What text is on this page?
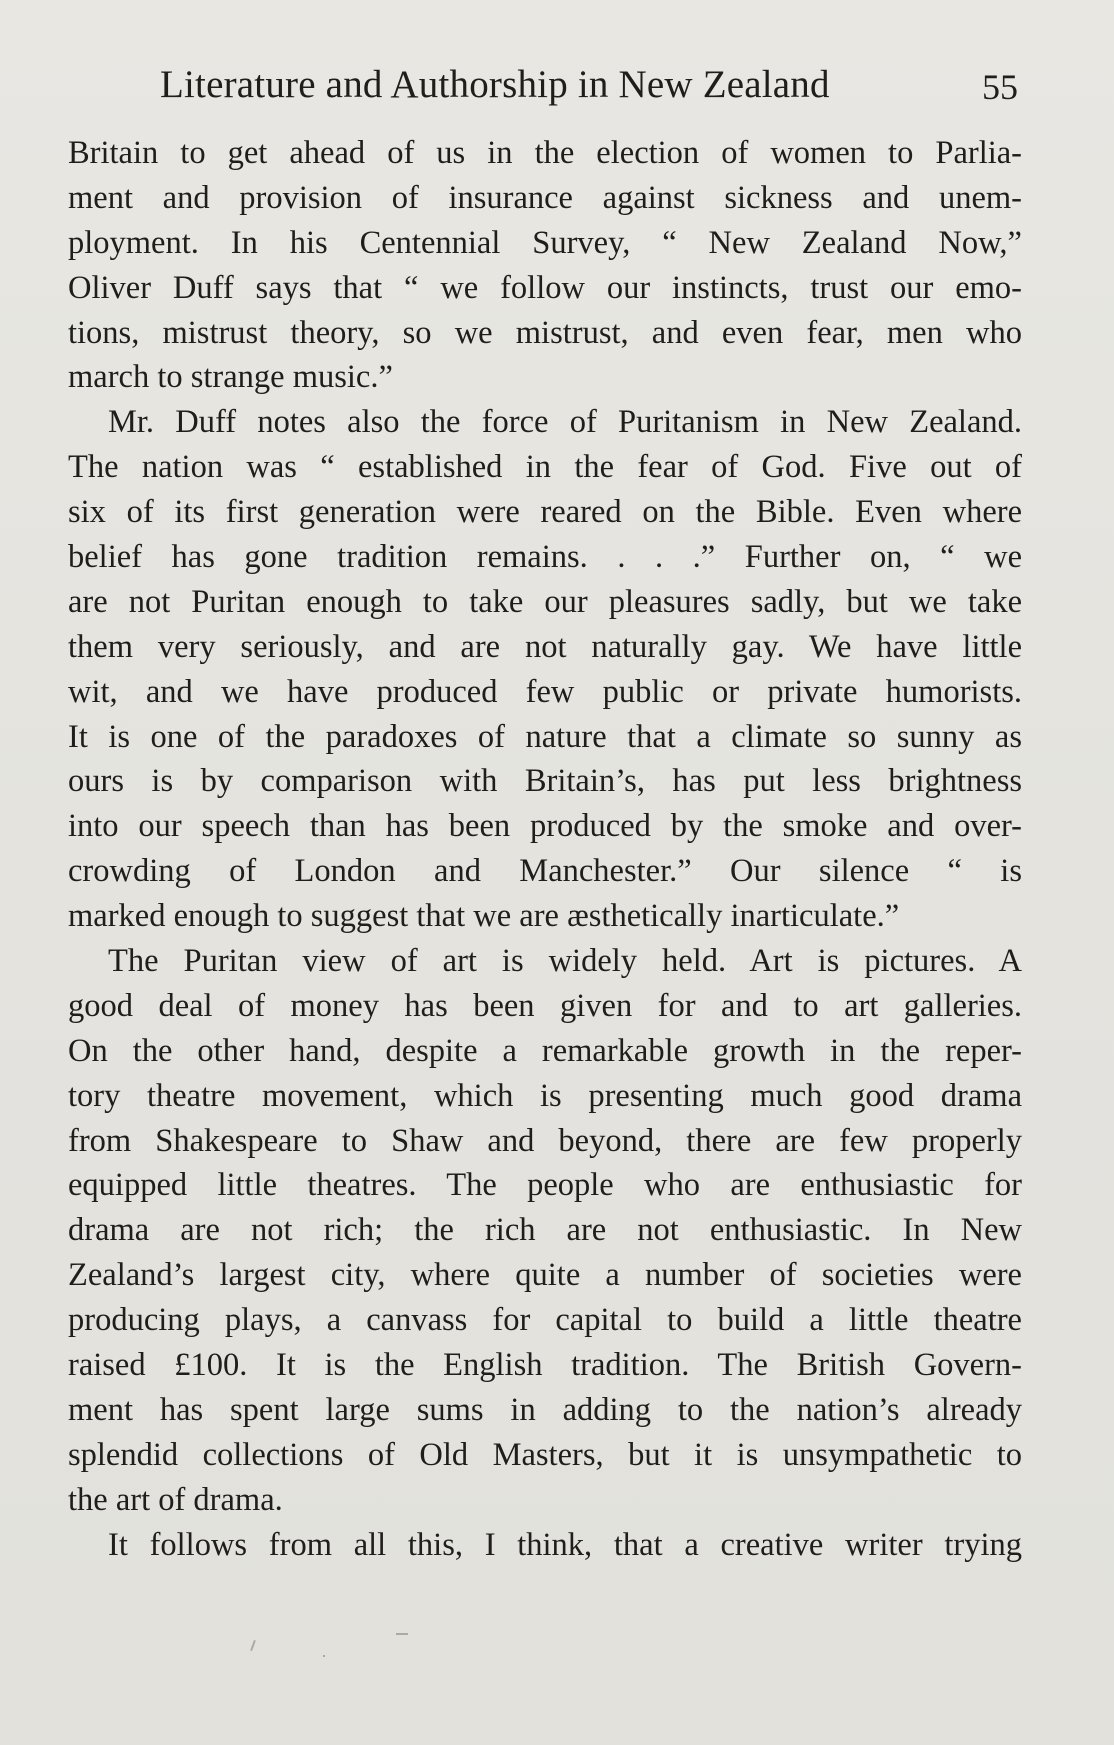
Literature and Authorship in New Zealand	55
Britain to get ahead of us in the election of women to Parlia-
ment and provision of insurance against sickness and unem-
ployment. In his Centennial Survey, “ New Zealand Now,”
Oliver Duff says that “ we follow our instincts, trust our emo-
tions, mistrust theory, so we mistrust, and even fear, men who
march to strange music.”
Mr. Duff notes also the force of Puritanism in New Zealand.
The nation was “ established in the fear of God. Five out of
six of its first generation were reared on the Bible. Even where
belief has gone tradition remains. . . .” Further on, “ we
are not Puritan enough to take our pleasures sadly, but we take
them very seriously, and are not naturally gay. We have little
wit, and we have produced few public or private humorists.
It is one of the paradoxes of nature that a climate so sunny as
ours is by comparison with Britain’s, has put less brightness
into our speech than has been produced by the smoke and over-
crowding of London and Manchester.” Our silence “ is
marked enough to suggest that we are æsthetically inarticulate.”
The Puritan view of art is widely held. Art is pictures. A
good deal of money has been given for and to art galleries.
On the other hand, despite a remarkable growth in the reper-
tory theatre movement, which is presenting much good drama
from Shakespeare to Shaw and beyond, there are few properly
equipped little theatres. The people who are enthusiastic for
drama are not rich; the rich are not enthusiastic. In New
Zealand’s largest city, where quite a number of societies were
producing plays, a canvass for capital to build a little theatre
raised £100. It is the English tradition. The British Govern-
ment has spent large sums in adding to the nation’s already
splendid collections of Old Masters, but it is unsympathetic to
the art of drama.
It follows from all this, I think, that a creative writer trying
